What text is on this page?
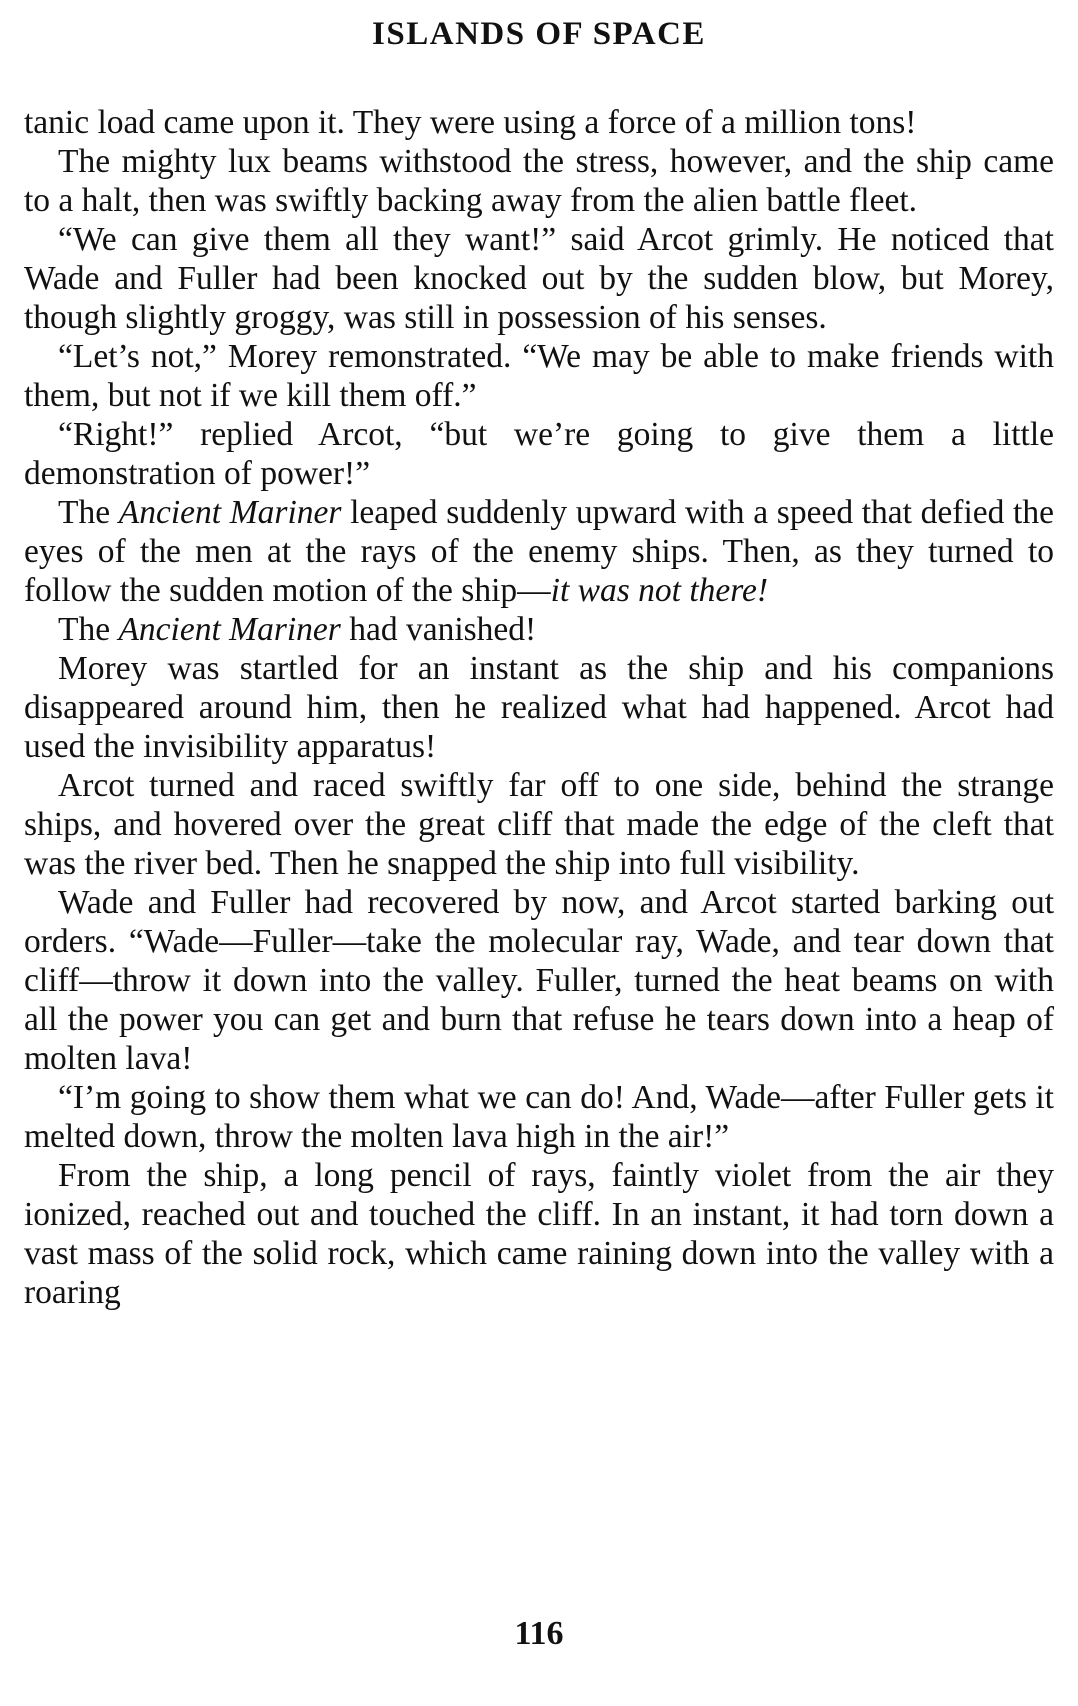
ISLANDS OF SPACE

tanic load came upon it. They were using a force of a million tons!

The mighty lux beams withstood the stress, however, and the ship came to a halt, then was swiftly backing away from the alien battle fleet.

“We can give them all they want!” said Arcot grimly. He noticed that Wade and Fuller had been knocked out by the sudden blow, but Morey, though slightly groggy, was still in possession of his senses.

“Let’s not,” Morey remonstrated. “We may be able to make friends with them, but not if we kill them off.”

“Right!” replied Arcot, “but we’re going to give them a little demonstration of power!”

The Ancient Mariner leaped suddenly upward with a speed that defied the eyes of the men at the rays of the enemy ships. Then, as they turned to follow the sudden motion of the ship—it was not there!

The Ancient Mariner had vanished!

Morey was startled for an instant as the ship and his companions disappeared around him, then he realized what had happened. Arcot had used the invisibility apparatus!

Arcot turned and raced swiftly far off to one side, behind the strange ships, and hovered over the great cliff that made the edge of the cleft that was the river bed. Then he snapped the ship into full visibility.

Wade and Fuller had recovered by now, and Arcot started barking out orders. “Wade—Fuller—take the molecular ray, Wade, and tear down that cliff—throw it down into the valley. Fuller, turned the heat beams on with all the power you can get and burn that refuse he tears down into a heap of molten lava!

“I’m going to show them what we can do! And, Wade—after Fuller gets it melted down, throw the molten lava high in the air!”

From the ship, a long pencil of rays, faintly violet from the air they ionized, reached out and touched the cliff. In an instant, it had torn down a vast mass of the solid rock, which came raining down into the valley with a roaring

116
